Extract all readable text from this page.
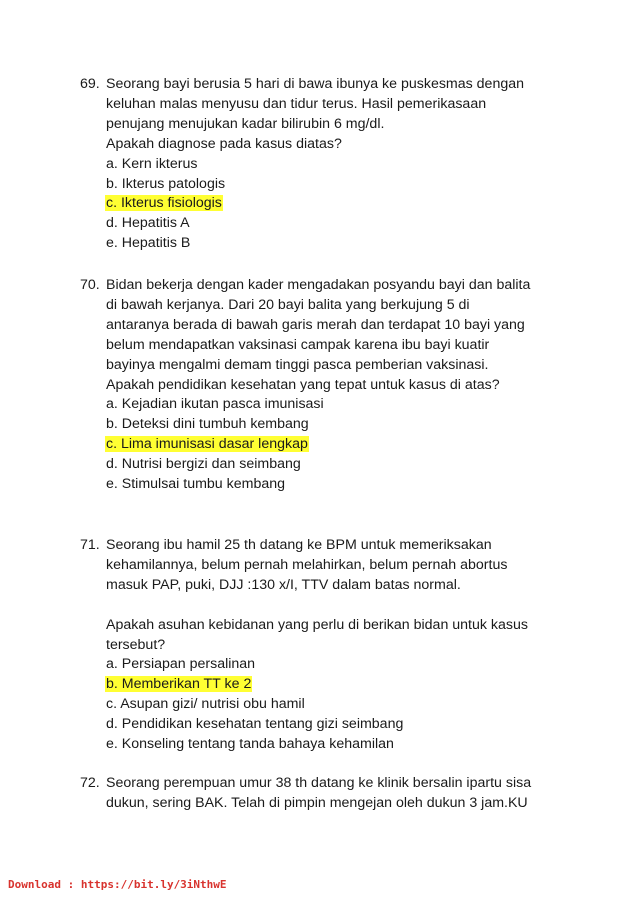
69. Seorang bayi berusia 5 hari di bawa ibunya ke puskesmas dengan
keluhan malas menyusu dan tidur terus. Hasil pemerikasaan
penujang menujukan kadar bilirubin 6 mg/dl.
Apakah diagnose pada kasus diatas?
a. Kern ikterus
b. Ikterus patologis
c. Ikterus fisiologis
d. Hepatitis A
e. Hepatitis B
70. Bidan bekerja dengan kader mengadakan posyandu bayi dan balita
di bawah kerjanya. Dari 20 bayi balita yang berkujung 5 di
antaranya berada di bawah garis merah dan terdapat 10 bayi yang
belum mendapatkan vaksinasi campak karena ibu bayi kuatir
bayinya mengalmi demam tinggi pasca pemberian vaksinasi.
Apakah pendidikan kesehatan yang tepat untuk kasus di atas?
a. Kejadian ikutan pasca imunisasi
b. Deteksi dini tumbuh kembang
c. Lima imunisasi dasar lengkap
d. Nutrisi bergizi dan seimbang
e. Stimulsai tumbu kembang
71. Seorang ibu hamil 25 th datang ke BPM untuk memeriksakan
kehamilannya, belum pernah melahirkan, belum pernah abortus
masuk PAP, puki, DJJ :130 x/I, TTV dalam batas normal.
Apakah asuhan kebidanan yang perlu di berikan bidan untuk kasus
tersebut?
a. Persiapan persalinan
b. Memberikan TT ke 2
c. Asupan gizi/ nutrisi obu hamil
d. Pendidikan kesehatan tentang gizi seimbang
e. Konseling tentang tanda bahaya kehamilan
72. Seorang perempuan umur 38 th datang ke klinik bersalin ipartu sisa
dukun, sering BAK. Telah di pimpin mengejan oleh dukun 3 jam.KU
Download : https://bit.ly/3iNthwE
